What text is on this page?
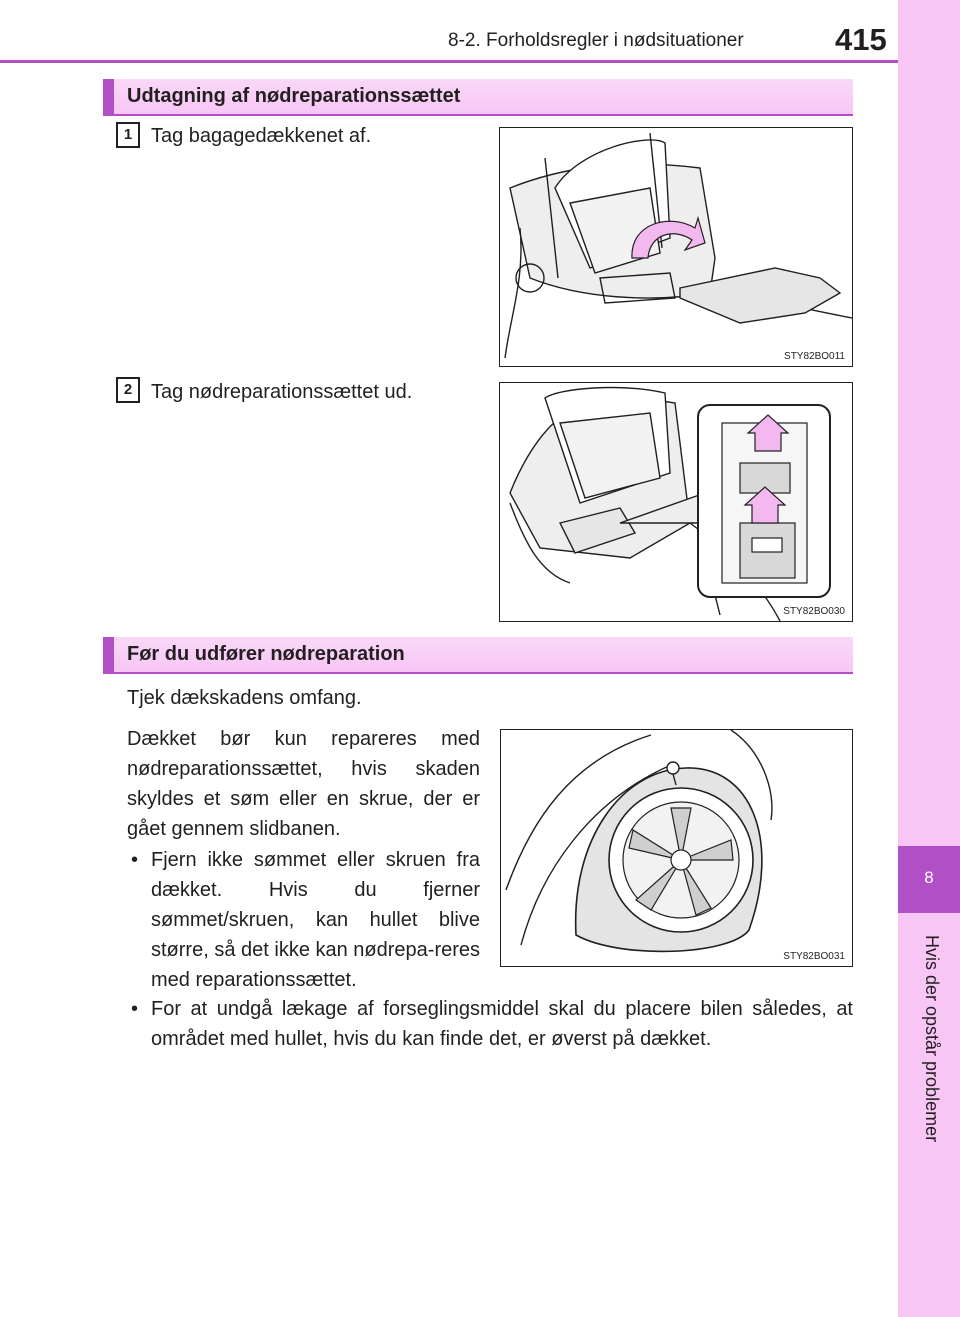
8-2. Forholdsregler i nødsituationer	415
8
Hvis der opstår problemer
Udtagning af nødreparationssættet
1 Tag bagagedækkenet af.
STY82BO011
2 Tag nødreparationssættet ud.
STY82BO030
Før du udfører nødreparation
Tjek dækskadens omfang.
Dækket bør kun repareres med nødreparationssættet, hvis skaden skyldes et søm eller en skrue, der er gået gennem slidbanen.
• Fjern ikke sømmet eller skruen fra dækket. Hvis du fjerner sømmet/skruen, kan hullet blive større, så det ikke kan nødrepa-reres med reparationssættet.
• For at undgå lækage af forseglingsmiddel skal du placere bilen således, at området med hullet, hvis du kan finde det, er øverst på dækket.
STY82BO031
